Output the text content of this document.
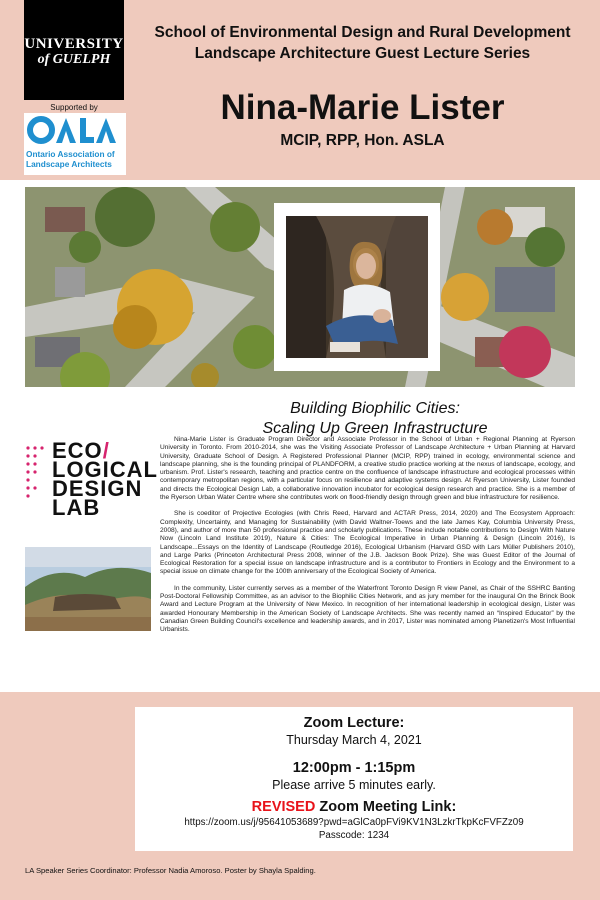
UNIVERSITY
of GUELPH
Supported by
Ontario Association of Landscape Architects
School of Environmental Design and Rural Development
Landscape Architecture Guest Lecture Series
Nina-Marie Lister
MCIP, RPP, Hon. ASLA
Building Biophilic Cities:
Scaling Up Green Infrastructure
ECO/
LOGICAL
DESIGN
LAB

Nina-Marie Lister is Graduate Program Director and Associate Professor in the School of Urban + Regional Planning at Ryerson University in Toronto. From 2010-2014, she was the Visiting Associate Professor of Landscape Architecture + Urban Planning at Harvard University, Graduate School of Design. A Registered Professional Planner (MCIP, RPP) trained in ecology, environmental science and landscape planning, she is the founding principal of PLANDFORM, a creative studio practice working at the nexus of landscape, ecology, and urbanism. Prof. Lister's research, teaching and practice centre on the confluence of landscape infrastructure and ecological processes within contemporary metropolitan regions, with a particular focus on resilience and adaptive systems design. At Ryerson University, Lister founded and directs the Ecological Design Lab, a collaborative innovation incubator for ecological design research and practice. She is a member of the Ryerson Urban Water Centre where she contributes work on flood-friendly design through green and blue infrastructure for resilience.

She is coeditor of Projective Ecologies (with Chris Reed, Harvard and ACTAR Press, 2014, 2020) and The Ecosystem Approach: Complexity, Uncertainty, and Managing for Sustainability (with David Waltner-Toews and the late James Kay, Columbia University Press, 2008), and author of more than 50 professional practice and scholarly publications. These include notable contributions to Design With Nature Now (Lincoln Land Institute 2019), Nature & Cities: The Ecological Imperative in Urban Planning & Design (Lincoln 2016), Is Landscape...Essays on the Identity of Landscape (Routledge 2016), Ecological Urbanism (Harvard GSD with Lars Müller Publishers 2010), and Large Parks (Princeton Architectural Press 2008, winner of the J.B. Jackson Book Prize). She was Guest Editor of the Journal of Ecological Restoration for a special issue on landscape infrastructure and is a contributor to Frontiers in Ecology and the Environment to a special issue on climate change for the 100th anniversary of the Ecological Society of America.

In the community, Lister currently serves as a member of the Waterfront Toronto Design R view Panel, as Chair of the SSHRC Banting Post-Doctoral Fellowship Committee, as an advisor to the Biophilic Cities Network, and as jury member for the inaugural On the Brinck Book Award and Lecture Program at the University of New Mexico. In recognition of her international leadership in ecological design, Lister was awarded Honourary Membership in the American Society of Landscape Architects. She was recently named an “Inspired Educator” by the Canadian Green Building Council's excellence and leadership awards, and in 2017, Lister was nominated among Planetizen's Most Influential Urbanists.

Zoom Lecture:
Thursday March 4, 2021
12:00pm - 1:15pm
Please arrive 5 minutes early.
REVISED Zoom Meeting Link:
https://zoom.us/j/95641053689?pwd=aGlCa0pFVi9KV1N3LzkrTkpKcFVFZz09
Passcode: 1234
LA Speaker Series Coordinator: Professor Nadia Amoroso. Poster by Shayla Spalding.
